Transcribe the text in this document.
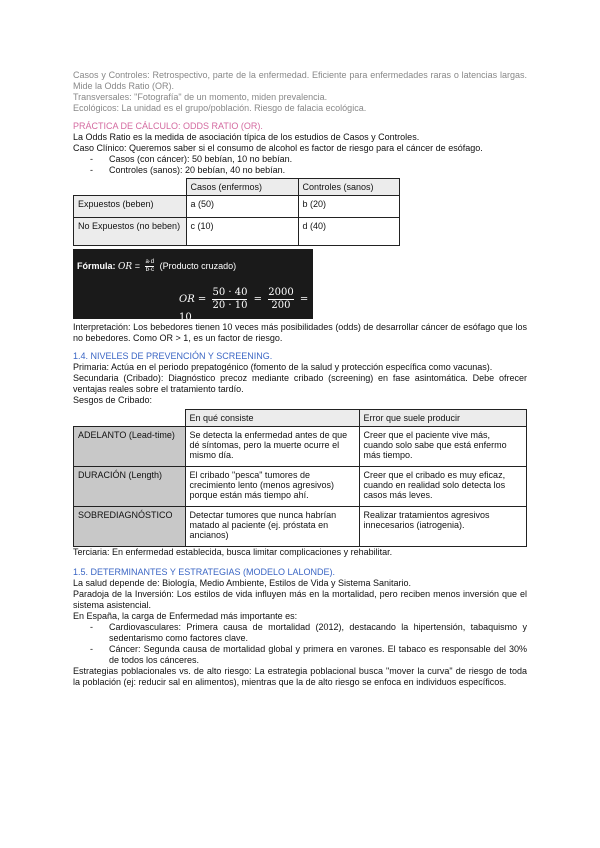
Casos y Controles: Retrospectivo, parte de la enfermedad. Eficiente para enfermedades raras o latencias largas. Mide la Odds Ratio (OR).

Transversales: "Fotografía" de un momento, miden prevalencia.

Ecológicos: La unidad es el grupo/población. Riesgo de falacia ecológica.

PRÁCTICA DE CÁLCULO: ODDS RATIO (OR).

La Odds Ratio es la medida de asociación típica de los estudios de Casos y Controles.

Caso Clínico: Queremos saber si el consumo de alcohol es factor de riesgo para el cáncer de esófago.

- Casos (con cáncer): 50 bebían, 10 no bebían.
- Controles (sanos): 20 bebían, 40 no bebían.
	Casos (enfermos)	Controles (sanos)
Expuestos (beben)	a (50)	b (20)
No Expuestos (no beben)	c (10)	d (40)
Fórmula: OR = $\frac{a\cdot d}{b\cdot c}$ (Producto cruzado)
OR = $\frac{50 \cdot 40}{20 \cdot 10} = \frac{2000}{200} = 10$

Interpretación: Los bebedores tienen 10 veces más posibilidades (odds) de desarrollar cáncer de esófago que los no bebedores. Como OR > 1, es un factor de riesgo.

1.4. NIVELES DE PREVENCIÓN Y SCREENING.

Primaria: Actúa en el periodo prepatogénico (fomento de la salud y protección específica como vacunas).

Secundaria (Cribado): Diagnóstico precoz mediante cribado (screening) en fase asintomática. Debe ofrecer ventajas reales sobre el tratamiento tardío.

Sesgos de Cribado:

	En qué consiste	Error que suele producir
ADELANTO (Lead-time)	Se detecta la enfermedad antes de que dé síntomas, pero la muerte ocurre el mismo día.	Creer que el paciente vive más, cuando solo sabe que está enfermo más tiempo.
DURACIÓN (Length)	El cribado "pesca" tumores de crecimiento lento (menos agresivos) porque están más tiempo ahí.	Creer que el cribado es muy eficaz, cuando en realidad solo detecta los casos más leves.
SOBREDIAGNÓSTICO	Detectar tumores que nunca habrían matado al paciente (ej. próstata en ancianos)	Realizar tratamientos agresivos innecesarios (iatrogenia).

Terciaria: En enfermedad establecida, busca limitar complicaciones y rehabilitar.

1.5. DETERMINANTES Y ESTRATEGIAS (MODELO LALONDE).

La salud depende de: Biología, Medio Ambiente, Estilos de Vida y Sistema Sanitario.

Paradoja de la Inversión: Los estilos de vida influyen más en la mortalidad, pero reciben menos inversión que el sistema asistencial.

En España, la carga de Enfermedad más importante es:

- Cardiovasculares: Primera causa de mortalidad (2012), destacando la hipertensión, tabaquismo y sedentarismo como factores clave.
- Cáncer: Segunda causa de mortalidad global y primera en varones. El tabaco es responsable del 30% de todos los cánceres.

Estrategias poblacionales vs. de alto riesgo: La estrategia poblacional busca "mover la curva" de riesgo de toda la población (ej: reducir sal en alimentos), mientras que la de alto riesgo se enfoca en individuos específicos.
